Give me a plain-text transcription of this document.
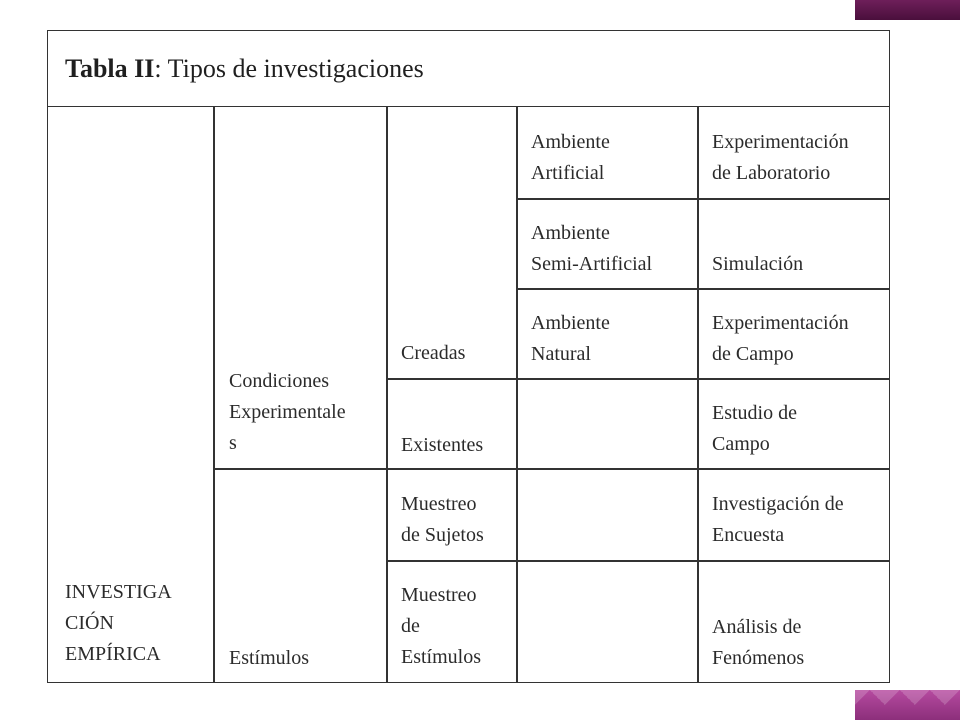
Tabla II: Tipos de investigaciones
INVESTIGA
CIÓN
EMPÍRICA
Condiciones
Experimentale
s
Estímulos
Creadas
Existentes
Muestreo
de Sujetos
Muestreo
de
Estímulos
Ambiente
Artificial
Ambiente
Semi-Artificial
Ambiente
Natural
Experimentación
de Laboratorio
Simulación
Experimentación
de Campo
Estudio de
Campo
Investigación de
Encuesta
Análisis de
Fenómenos
